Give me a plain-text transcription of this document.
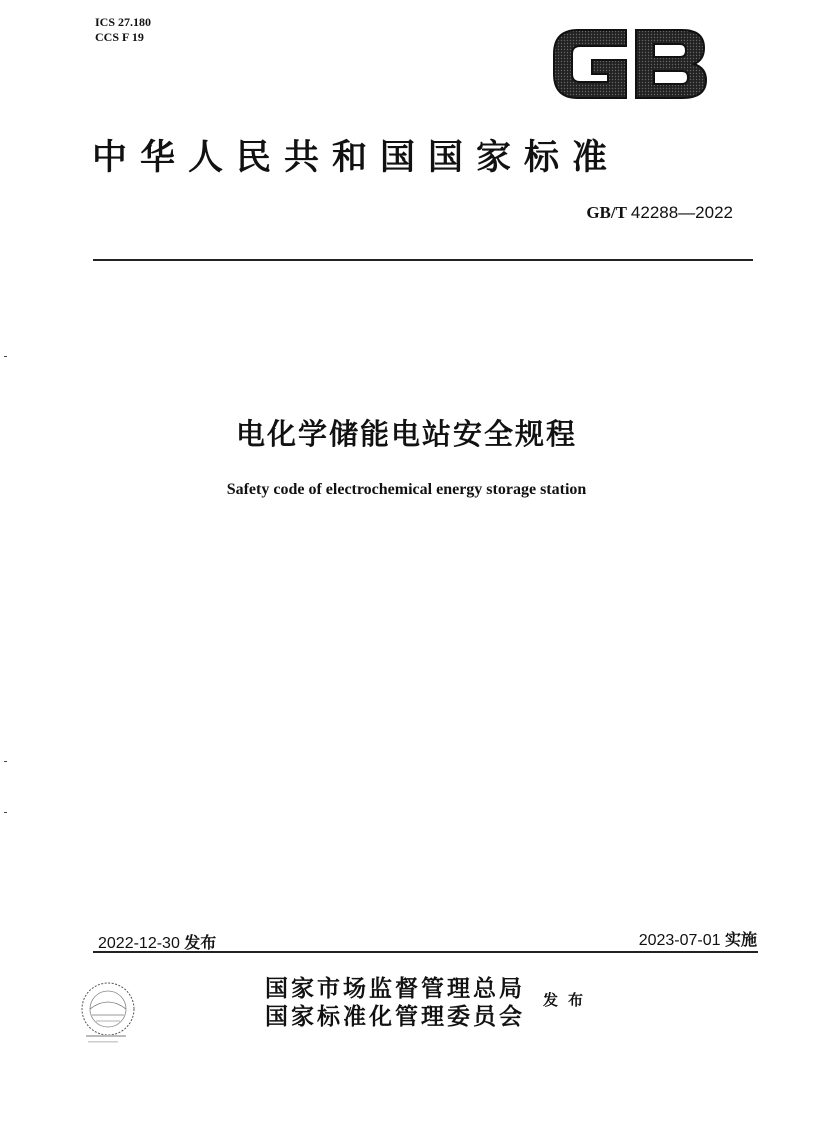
ICS 27.180
CCS F 19
中华人民共和国国家标准
GB/T 42288—2022
电化学储能电站安全规程
Safety code of electrochemical energy storage station
2022-12-30 发布	2023-07-01 实施
国家市场监督管理总局
国家标准化管理委员会
发布
